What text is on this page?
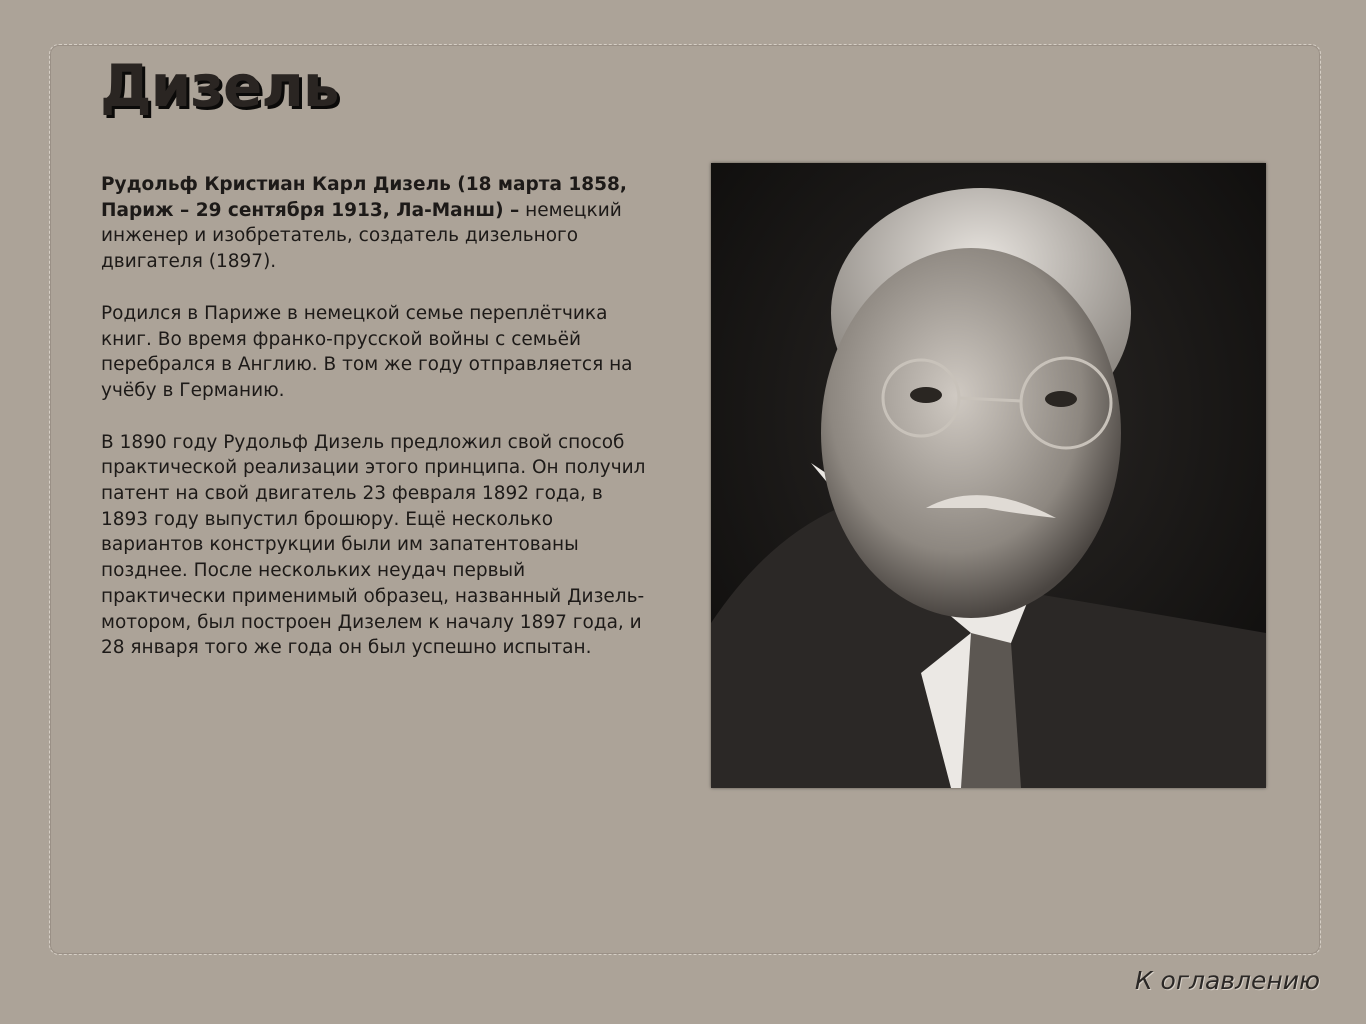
Дизель

Рудольф Кристиан Карл Дизель (18 марта 1858, Париж – 29 сентября 1913, Ла-Манш) – немецкий инженер и изобретатель, создатель дизельного двигателя (1897).

Родился в Париже в немецкой семье переплётчика книг. Во время франко-прусской войны с семьёй перебрался в Англию. В том же году отправляется на учёбу в Германию.

В 1890 году Рудольф Дизель предложил свой способ практической реализации этого принципа. Он получил патент на свой двигатель 23 февраля 1892 года, в 1893 году выпустил брошюру. Ещё несколько вариантов конструкции были им запатентованы позднее. После нескольких неудач первый практически применимый образец, названный Дизель-мотором, был построен Дизелем к началу 1897 года, и 28 января того же года он был успешно испытан.

К оглавлению
